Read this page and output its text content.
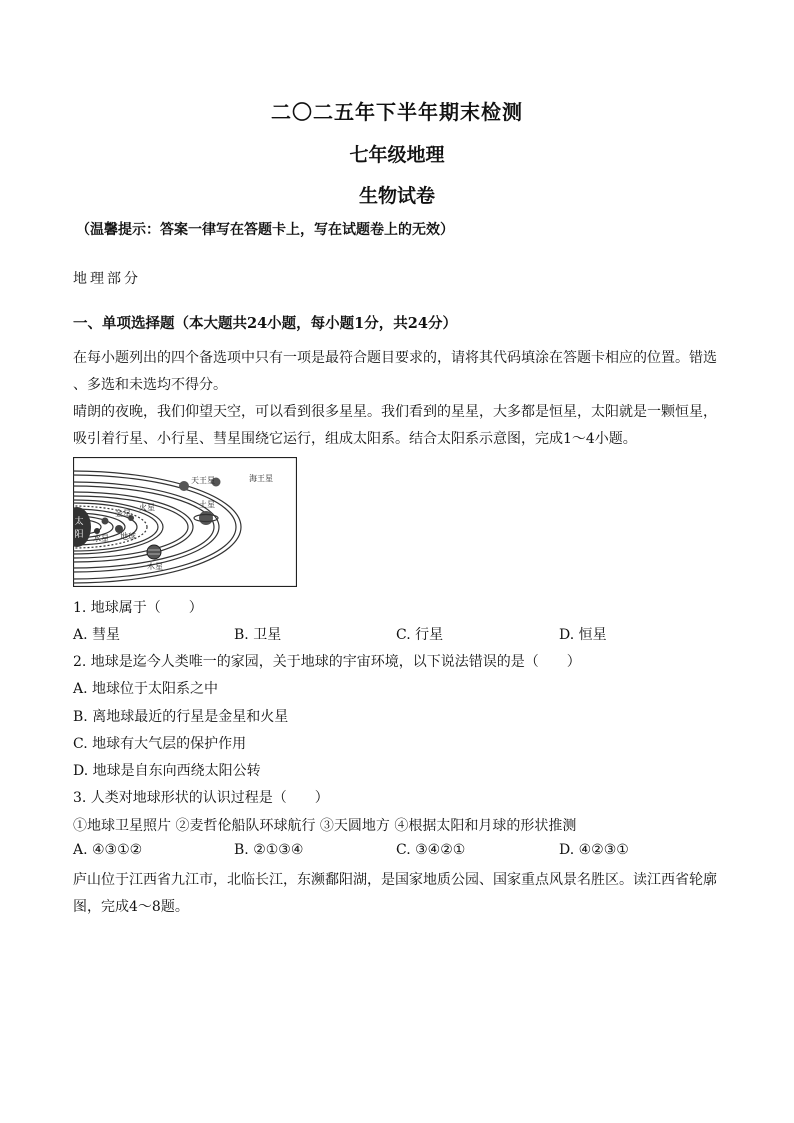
二〇二五年下半年期末检测
七年级地理
生物试卷
（温馨提示：答案一律写在答题卡上，写在试题卷上的无效）
地理部分
一、单项选择题（本大题共24小题，每小题1分，共24分）
在每小题列出的四个备选项中只有一项是最符合题目要求的，请将其代码填涂在答题卡相应的位置。错选
、多选和未选均不得分。
晴朗的夜晚，我们仰望天空，可以看到很多星星。我们看到的星星，大多都是恒星，太阳就是一颗恒星，
吸引着行星、小行星、彗星围绕它运行，组成太阳系。结合太阳系示意图，完成1～4小题。
太
阳 水星
金星
地球
火星
木星
土星
天王星	海王星
1. 地球属于（　　）
A. 彗星	B. 卫星	C. 行星	D. 恒星
2. 地球是迄今人类唯一的家园，关于地球的宇宙环境，以下说法错误的是（　　）
A. 地球位于太阳系之中
B. 离地球最近的行星是金星和火星
C. 地球有大气层的保护作用
D. 地球是自东向西绕太阳公转
3. 人类对地球形状的认识过程是（　　）
①地球卫星照片 ②麦哲伦船队环球航行 ③天圆地方 ④根据太阳和月球的形状推测
A. ④③①②	B. ②①③④	C. ③④②①	D. ④②③①
庐山位于江西省九江市，北临长江，东濒鄱阳湖，是国家地质公园、国家重点风景名胜区。读江西省轮廓
图，完成4～8题。
